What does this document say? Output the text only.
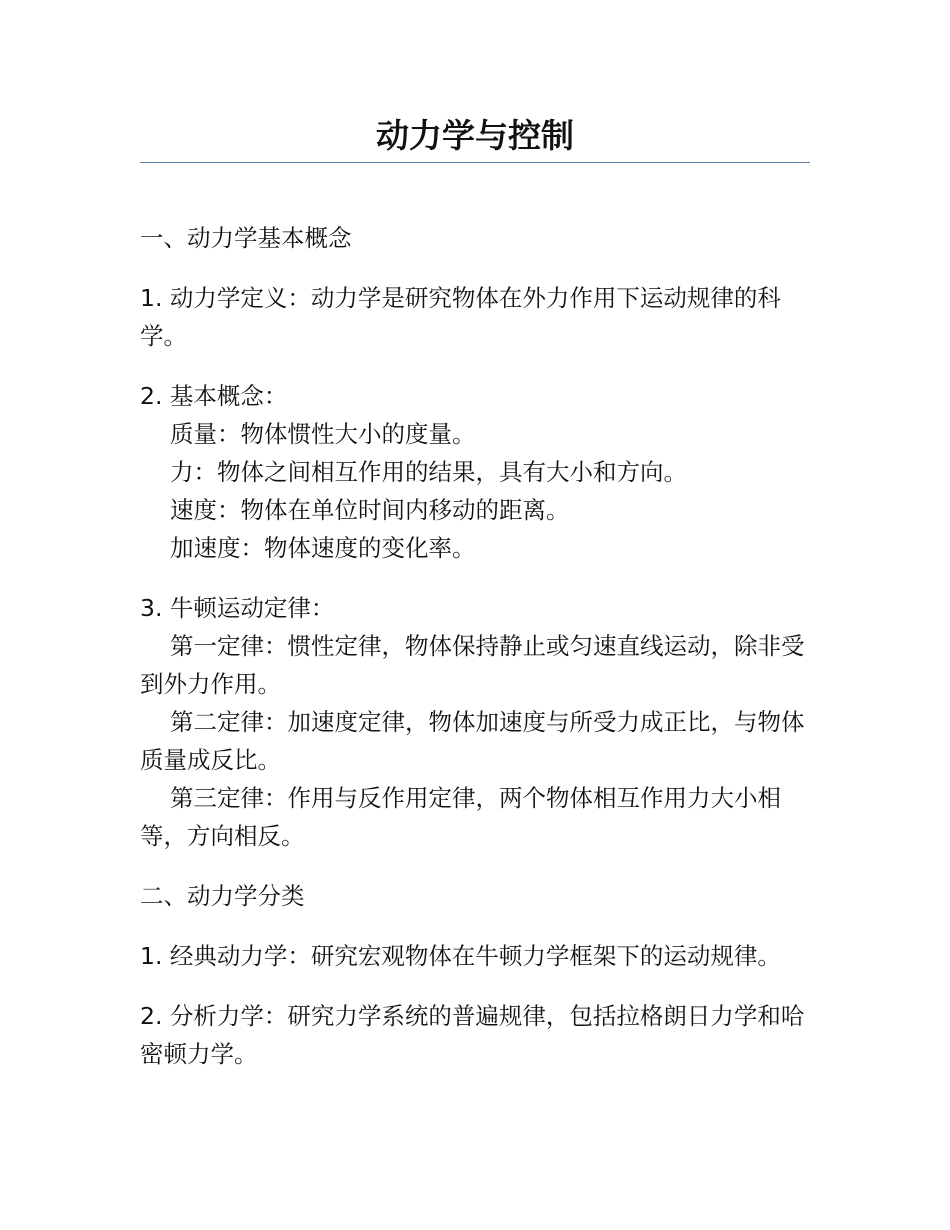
动力学与控制

一、动力学基本概念

1. 动力学定义：动力学是研究物体在外力作用下运动规律的科学。

2. 基本概念：

质量：物体惯性大小的度量。

力：物体之间相互作用的结果，具有大小和方向。

速度：物体在单位时间内移动的距离。

加速度：物体速度的变化率。

3. 牛顿运动定律：

第一定律：惯性定律，物体保持静止或匀速直线运动，除非受到外力作用。

第二定律：加速度定律，物体加速度与所受力成正比，与物体质量成反比。

第三定律：作用与反作用定律，两个物体相互作用力大小相等，方向相反。

二、动力学分类

1. 经典动力学：研究宏观物体在牛顿力学框架下的运动规律。

2. 分析力学：研究力学系统的普遍规律，包括拉格朗日力学和哈密顿力学。
